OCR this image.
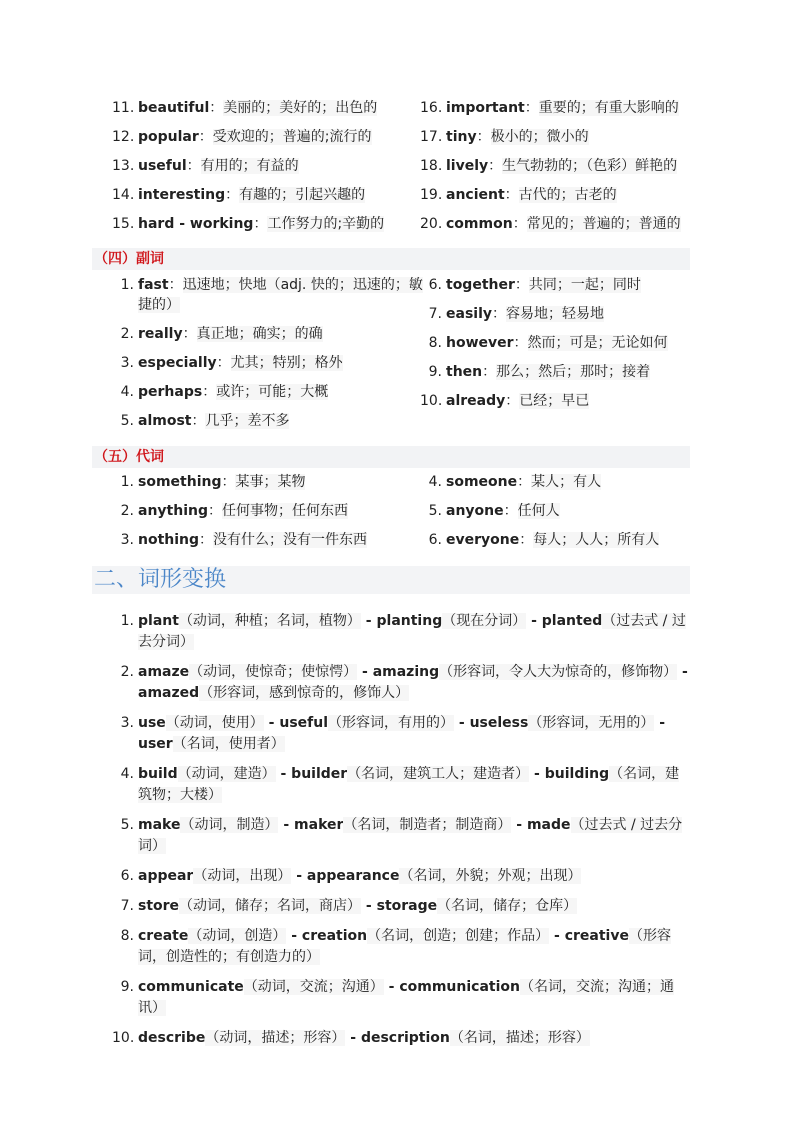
11. beautiful：美丽的；美好的；出色的
12. popular：受欢迎的；普遍的;流行的
13. useful：有用的；有益的
14. interesting：有趣的；引起兴趣的
15. hard - working：工作努力的;辛勤的
16. important：重要的；有重大影响的
17. tiny：极小的；微小的
18. lively：生气勃勃的；（色彩）鲜艳的
19. ancient：古代的；古老的
20. common：常见的；普遍的；普通的
（四）副词
1. fast：迅速地；快地（adj. 快的；迅速的；敏捷的）
2. really：真正地；确实；的确
3. especially：尤其；特别；格外
4. perhaps：或许；可能；大概
5. almost：几乎；差不多
6. together：共同；一起；同时
7. easily：容易地；轻易地
8. however：然而；可是；无论如何
9. then：那么；然后；那时；接着
10. already：已经；早已
（五）代词
1. something：某事；某物
2. anything：任何事物；任何东西
3. nothing：没有什么；没有一件东西
4. someone：某人；有人
5. anyone：任何人
6. everyone：每人；人人；所有人
二、词形变换
1. plant（动词，种植；名词，植物） - planting（现在分词） - planted（过去式 / 过去分词）
2. amaze（动词，使惊奇；使惊愕） - amazing（形容词，令人大为惊奇的，修饰物） - amazed（形容词，感到惊奇的，修饰人）
3. use（动词，使用） - useful（形容词，有用的） - useless（形容词，无用的） - user（名词，使用者）
4. build（动词，建造） - builder（名词，建筑工人；建造者） - building（名词，建筑物；大楼）
5. make（动词，制造） - maker（名词，制造者；制造商） - made（过去式 / 过去分词）
6. appear（动词，出现） - appearance（名词，外貌；外观；出现）
7. store（动词，储存；名词，商店） - storage（名词，储存；仓库）
8. create（动词，创造） - creation（名词，创造；创建；作品） - creative（形容词，创造性的；有创造力的）
9. communicate（动词，交流；沟通） - communication（名词，交流；沟通；通讯）
10. describe（动词，描述；形容） - description（名词，描述；形容）
